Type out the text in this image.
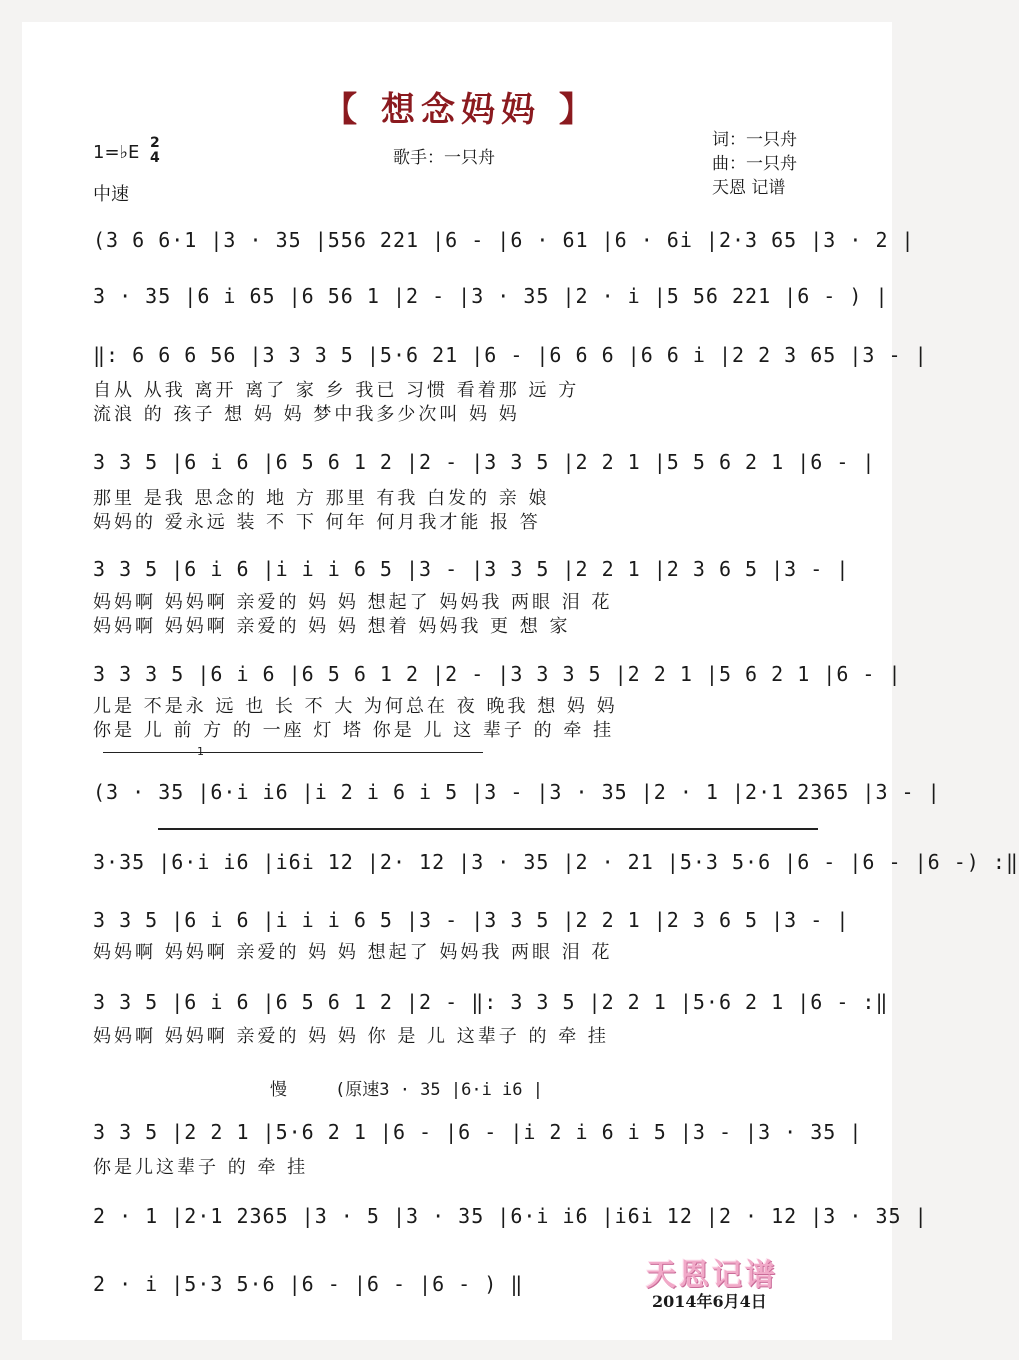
【 想念妈妈 】
1=♭E 2
4
中速
歌手：一只舟
词：一只舟
曲：一只舟
天恩 记谱
(3 6 6·1 |3 · 35 |556 221 |6 - |6 · 61 |6 · 6i |2·3 65 |3 · 2 |
3 · 35 |6 i 65 |6 56 1 |2 - |3 · 35 |2 · i |5 56 221 |6 - ) |
‖: 6 6 6 56 |3 3 3 5 |5·6 21 |6 - |6 6 6 |6 6 i |2 2 3 65 |3 - |
自从 从我 离开 离了 家 乡 我已 习惯 看着那 远 方
流浪 的 孩子 想 妈 妈 梦中我多少次叫 妈 妈
3 3 5 |6 i 6 |6 5 6 1 2 |2 - |3 3 5 |2 2 1 |5 5 6 2 1 |6 - |
那里 是我 思念的 地 方 那里 有我 白发的 亲 娘
妈妈的 爱永远 装 不 下 何年 何月我才能 报 答
3 3 5 |6 i 6 |i i i 6 5 |3 - |3 3 5 |2 2 1 |2 3 6 5 |3 - |
妈妈啊 妈妈啊 亲爱的 妈 妈 想起了 妈妈我 两眼 泪 花
妈妈啊 妈妈啊 亲爱的 妈 妈 想着 妈妈我 更 想 家
3 3 3 5 |6 i 6 |6 5 6 1 2 |2 - |3 3 3 5 |2 2 1 |5 6 2 1 |6 - |
儿是 不是永 远 也 长 不 大 为何总在 夜 晚我 想 妈 妈
你是 儿 前 方 的 一座 灯 塔 你是 儿 这 辈子 的 牵 挂
1
(3 · 35 |6·i i6 |i 2 i 6 i 5 |3 - |3 · 35 |2 · 1 |2·1 2365 |3 - |
3·35 |6·i i6 |i6i 12 |2· 12 |3 · 35 |2 · 21 |5·3 5·6 |6 - |6 - |6 -) :‖
3 3 5 |6 i 6 |i i i 6 5 |3 - |3 3 5 |2 2 1 |2 3 6 5 |3 - |
妈妈啊 妈妈啊 亲爱的 妈 妈 想起了 妈妈我 两眼 泪 花
3 3 5 |6 i 6 |6 5 6 1 2 |2 - ‖: 3 3 5 |2 2 1 |5·6 2 1 |6 - :‖
妈妈啊 妈妈啊 亲爱的 妈 妈 你 是 儿 这辈子 的 牵 挂
慢	(原速3 · 35 |6·i i6 |
3 3 5 |2 2 1 |5·6 2 1 |6 - |6 - |i 2 i 6 i 5 |3 - |3 · 35 |
你是儿这辈子 的 牵 挂
2 · 1 |2·1 2365 |3 · 5 |3 · 35 |6·i i6 |i6i 12 |2 · 12 |3 · 35 |
2 · i |5·3 5·6 |6 - |6 - |6 - ) ‖	天恩记谱
2014年6月4日
